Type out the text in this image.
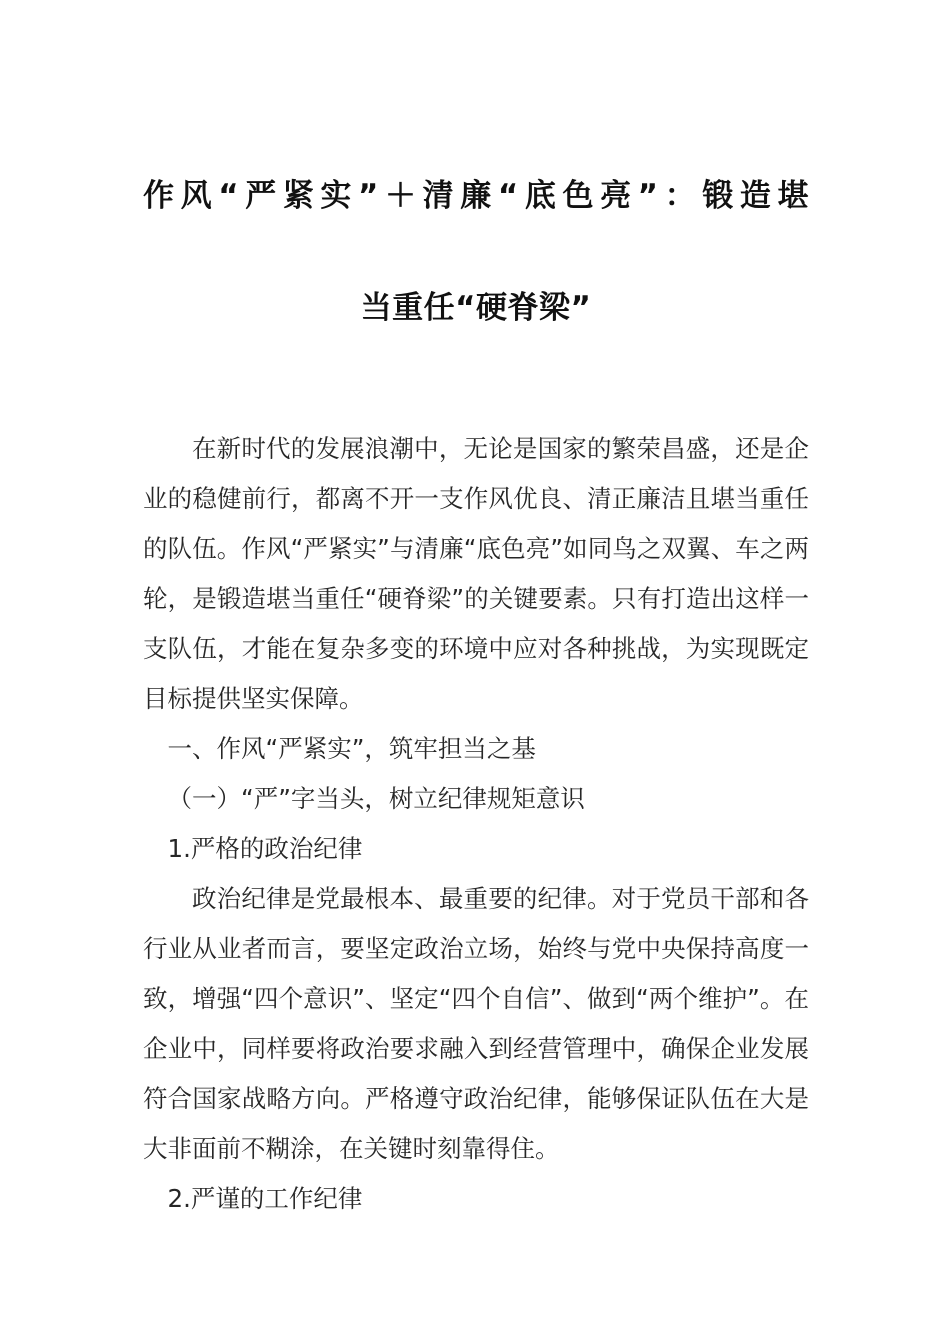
作风“严紧实”＋清廉“底色亮”：锻造堪
当重任“硬脊梁”

在新时代的发展浪潮中，无论是国家的繁荣昌盛，还是企业的稳健前行，都离不开一支作风优良、清正廉洁且堪当重任的队伍。作风“严紧实”与清廉“底色亮”如同鸟之双翼、车之两轮，是锻造堪当重任“硬脊梁”的关键要素。只有打造出这样一支队伍，才能在复杂多变的环境中应对各种挑战，为实现既定目标提供坚实保障。

一、作风“严紧实”，筑牢担当之基

（一）“严”字当头，树立纪律规矩意识

1.严格的政治纪律

政治纪律是党最根本、最重要的纪律。对于党员干部和各行业从业者而言，要坚定政治立场，始终与党中央保持高度一致，增强“四个意识”、坚定“四个自信”、做到“两个维护”。在企业中，同样要将政治要求融入到经营管理中，确保企业发展符合国家战略方向。严格遵守政治纪律，能够保证队伍在大是大非面前不糊涂，在关键时刻靠得住。

2.严谨的工作纪律
